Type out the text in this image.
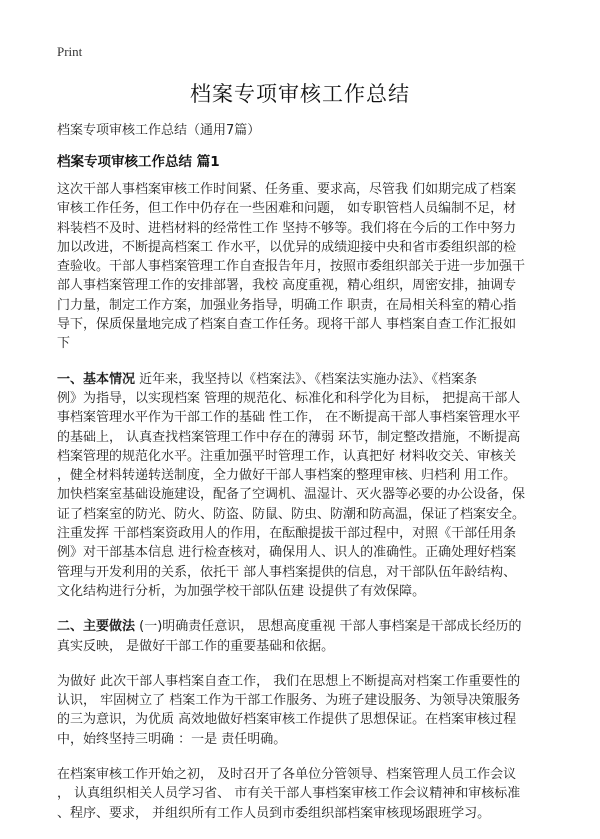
Print
档案专项审核工作总结
档案专项审核工作总结（通用7篇）
档案专项审核工作总结 篇1
这次干部人事档案审核工作时间紧、任务重、要求高，尽管我 们如期完成了档案
审核工作任务，但工作中仍存在一些困难和问题， 如专职管档人员编制不足，材
料装档不及时、进档材料的经常性工作 坚持不够等。我们将在今后的工作中努力
加以改进，不断提高档案工 作水平，以优异的成绩迎接中央和省市委组织部的检
查验收。干部人事档案管理工作自查报告年月，按照市委组织部关于进一步加强干
部人事档案管理工作的安排部署，我校 高度重视，精心组织，周密安排，抽调专
门力量，制定工作方案，加强业务指导，明确工作 职责，在局相关科室的精心指
导下，保质保量地完成了档案自查工作任务。现将干部人 事档案自查工作汇报如
下
一、基本情况 近年来，我坚持以《档案法》、《档案法实施办法》、《档案条
例》为指导，以实现档案 管理的规范化、标准化和科学化为目标， 把提高干部人
事档案管理水平作为干部工作的基础 性工作， 在不断提高干部人事档案管理水平
的基础上， 认真查找档案管理工作中存在的薄弱 环节，制定整改措施，不断提高
档案管理的规范化水平。注重加强平时管理工作，认真把好 材料收交关、审核关
，健全材料转递转送制度，全力做好干部人事档案的整理审核、归档利 用工作。
加快档案室基础设施建设，配备了空调机、温湿计、灭火器等必要的办公设备，保
证了档案室的防光、防火、防盗、防鼠、防虫、防潮和防高温，保证了档案安全。
注重发挥 干部档案资政用人的作用，在酝酿提拔干部过程中，对照《干部任用条
例》对干部基本信息 进行检查核对，确保用人、识人的准确性。正确处理好档案
管理与开发利用的关系，依托干 部人事档案提供的信息，对干部队伍年龄结构、
文化结构进行分析，为加强学校干部队伍建 设提供了有效保障。
二、主要做法 (一)明确责任意识， 思想高度重视 干部人事档案是干部成长经历的
真实反映， 是做好干部工作的重要基础和依据。
为做好 此次干部人事档案自查工作， 我们在思想上不断提高对档案工作重要性的
认识， 牢固树立了 档案工作为干部工作服务、为班子建设服务、为领导决策服务
的三为意识，为优质 高效地做好档案审核工作提供了思想保证。在档案审核过程
中，始终坚持三明确 ：一是 责任明确。
在档案审核工作开始之初， 及时召开了各单位分管领导、档案管理人员工作会议
， 认真组织相关人员学习省、 市有关干部人事档案审核工作会议精神和审核标准
、程序、要求， 并组织所有工作人员到市委组织部档案审核现场跟班学习。
